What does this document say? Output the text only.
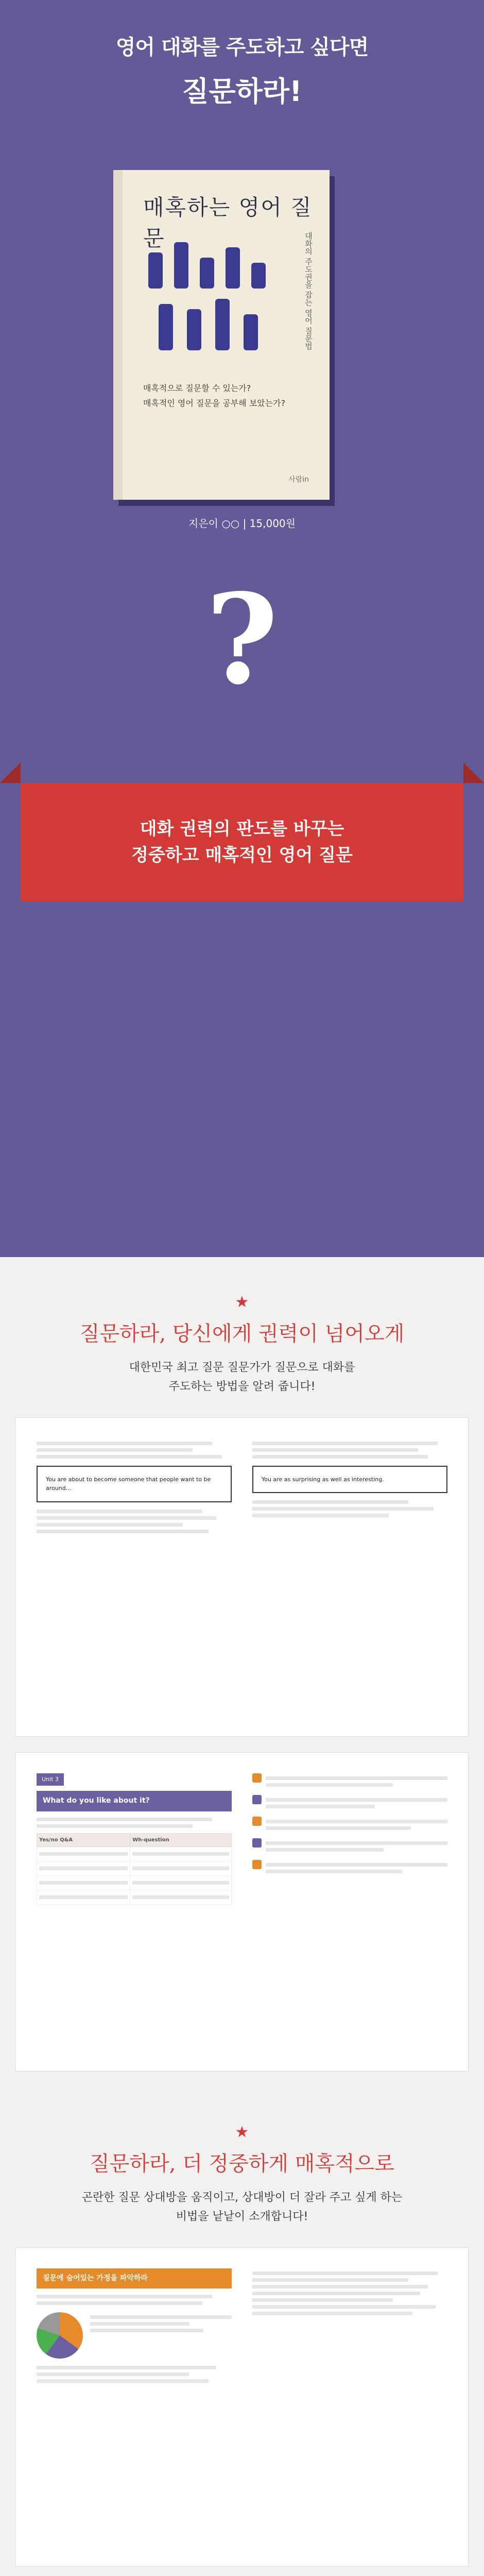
영어 대화를 주도하고 싶다면
질문하라!
매혹하는 영어 질문	대화의 주도권을 잡는 영어 질문법
매혹적으로 질문할 수 있는가?
매혹적인 영어 질문을 공부해 보았는가?
사람in
지은이 ○○ | 15,000원
?
대화 권력의 판도를 바꾸는
정중하고 매혹적인 영어 질문
★
질문하라, 당신에게 권력이 넘어오게
대한민국 최고 질문 질문가가 질문으로 대화를
주도하는 방법을 알려 줍니다!
You are about to become someone that people want to be around...
You are as surprising as well as interesting.
Unit 3
What do you like about it?
Yes/no Q&A	Wh-question

★
질문하라, 더 정중하게 매혹적으로
곤란한 질문 상대방을 움직이고, 상대방이 더 잘라 주고 싶게 하는
비법을 낱낱이 소개합니다!
질문에 숨어있는 가정을 파악하라
